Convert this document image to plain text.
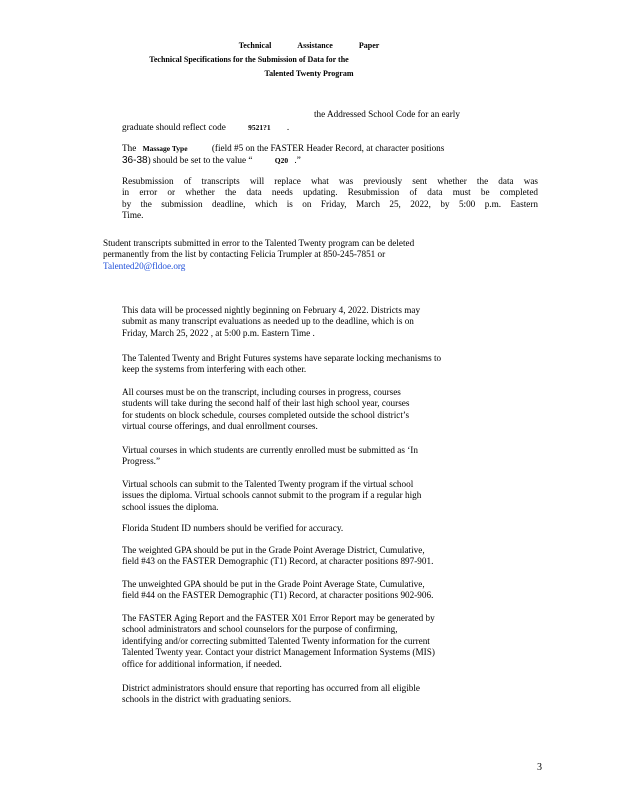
Technical	Assistance	Paper
Technical Specifications for the Submission of Data for the
Talented Twenty Program
the Addressed School Code for an early
graduate should reflect code	9521?1 .
The Massage Type	(field #5 on the FASTER Header Record, at character positions
36-38) should be set to the value “	Q20 .”
Resubmission of transcripts will replace what was previously sent whether the data was
in error or whether the data needs updating. Resubmission of data must be completed
by the submission deadline, which is on Friday, March 25, 2022, by 5:00 p.m. Eastern
Time.
Student transcripts submitted in error to the Talented Twenty program can be deleted
permanently from the list by contacting Felicia Trumpler at 850-245-7851 or
Talented20@fldoe.org
This data will be processed nightly beginning on February 4, 2022. Districts may
submit as many transcript evaluations as needed up to the deadline, which is on
Friday, March 25, 2022 , at 5:00 p.m. Eastern Time .
The Talented Twenty and Bright Futures systems have separate locking mechanisms to
keep the systems from interfering with each other.
All courses must be on the transcript, including courses in progress, courses
students will take during the second half of their last high school year, courses
for students on block schedule, courses completed outside the school district’s
virtual course offerings, and dual enrollment courses.
Virtual courses in which students are currently enrolled must be submitted as ‘In
Progress.”
Virtual schools can submit to the Talented Twenty program if the virtual school
issues the diploma. Virtual schools cannot submit to the program if a regular high
school issues the diploma.
Florida Student ID numbers should be verified for accuracy.
The weighted GPA should be put in the Grade Point Average District, Cumulative,
field #43 on the FASTER Demographic (T1) Record, at character positions 897-901.
The unweighted GPA should be put in the Grade Point Average State, Cumulative,
field #44 on the FASTER Demographic (T1) Record, at character positions 902-906.
The FASTER Aging Report and the FASTER X01 Error Report may be generated by
school administrators and school counselors for the purpose of confirming,
identifying and/or correcting submitted Talented Twenty information for the current
Talented Twenty year. Contact your district Management Information Systems (MIS)
office for additional information, if needed.
District administrators should ensure that reporting has occurred from all eligible
schools in the district with graduating seniors.
3
